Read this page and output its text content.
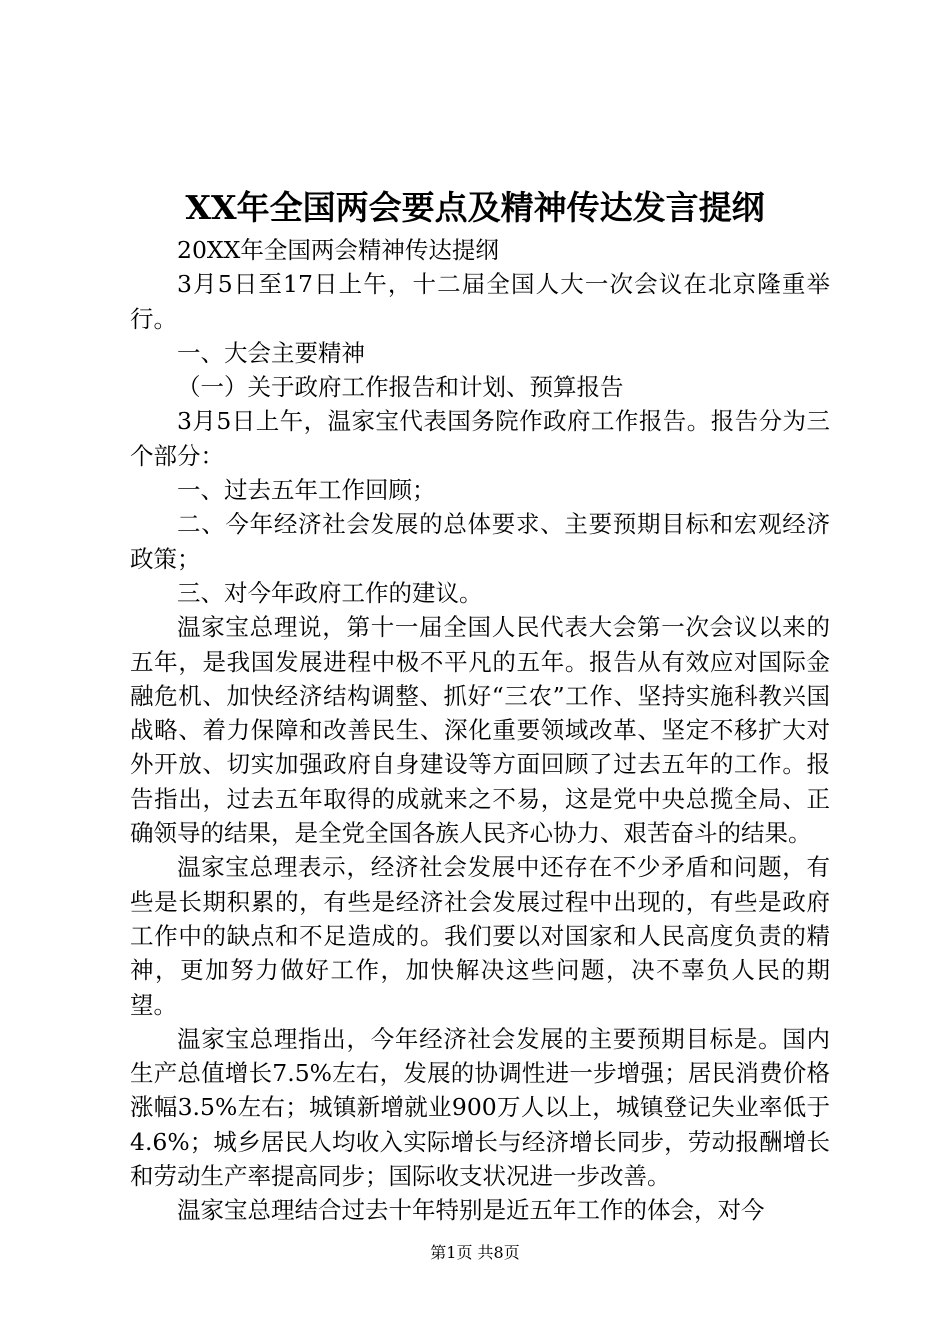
XX年全国两会要点及精神传达发言提纲

20XX年全国两会精神传达提纲

3月5日至17日上午，十二届全国人大一次会议在北京隆重举行。

一、大会主要精神

（一）关于政府工作报告和计划、预算报告

3月5日上午，温家宝代表国务院作政府工作报告。报告分为三个部分：

一、过去五年工作回顾；

二、今年经济社会发展的总体要求、主要预期目标和宏观经济政策；

三、对今年政府工作的建议。

温家宝总理说，第十一届全国人民代表大会第一次会议以来的五年，是我国发展进程中极不平凡的五年。报告从有效应对国际金融危机、加快经济结构调整、抓好“三农”工作、坚持实施科教兴国战略、着力保障和改善民生、深化重要领域改革、坚定不移扩大对外开放、切实加强政府自身建设等方面回顾了过去五年的工作。报告指出，过去五年取得的成就来之不易，这是党中央总揽全局、正确领导的结果，是全党全国各族人民齐心协力、艰苦奋斗的结果。

温家宝总理表示，经济社会发展中还存在不少矛盾和问题，有些是长期积累的，有些是经济社会发展过程中出现的，有些是政府工作中的缺点和不足造成的。我们要以对国家和人民高度负责的精神，更加努力做好工作，加快解决这些问题，决不辜负人民的期望。

温家宝总理指出，今年经济社会发展的主要预期目标是。国内生产总值增长7.5%左右，发展的协调性进一步增强；居民消费价格涨幅3.5%左右；城镇新增就业900万人以上，城镇登记失业率低于4.6%；城乡居民人均收入实际增长与经济增长同步，劳动报酬增长和劳动生产率提高同步；国际收支状况进一步改善。

温家宝总理结合过去十年特别是近五年工作的体会，对今

第1页 共8页
